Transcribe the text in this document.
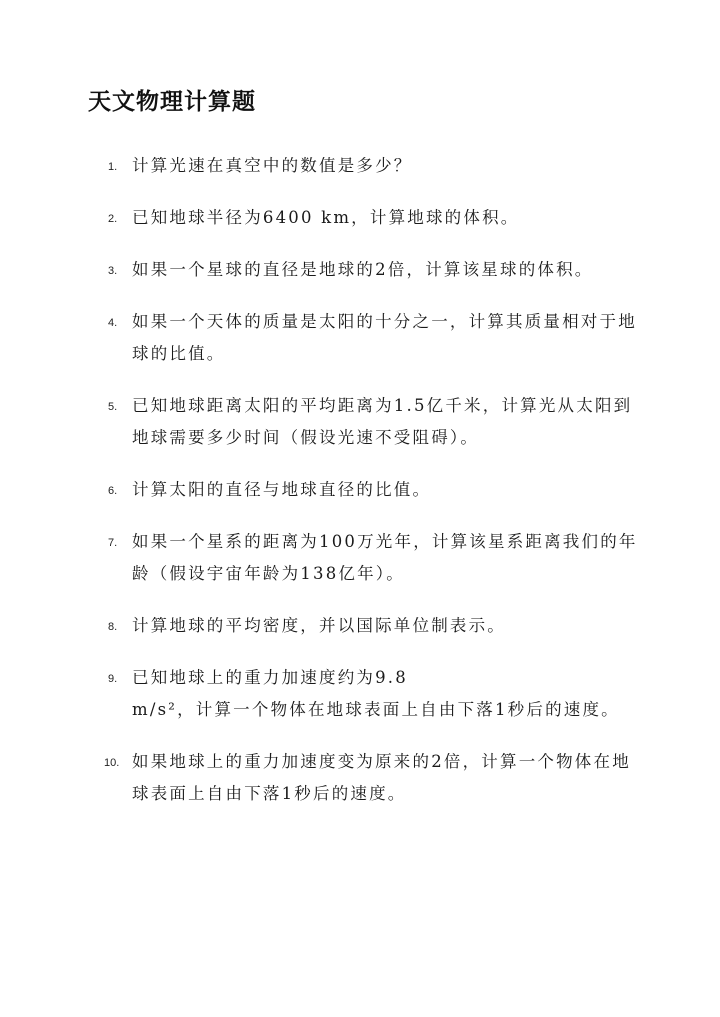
天文物理计算题
1. 计算光速在真空中的数值是多少？
2. 已知地球半径为6400 km，计算地球的体积。
3. 如果一个星球的直径是地球的2倍，计算该星球的体积。
4. 如果一个天体的质量是太阳的十分之一，计算其质量相对于地球的比值。
5. 已知地球距离太阳的平均距离为1.5亿千米，计算光从太阳到地球需要多少时间（假设光速不受阻碍）。
6. 计算太阳的直径与地球直径的比值。
7. 如果一个星系的距离为100万光年，计算该星系距离我们的年龄（假设宇宙年龄为138亿年）。
8. 计算地球的平均密度，并以国际单位制表示。
9. 已知地球上的重力加速度约为9.8
m/s²，计算一个物体在地球表面上自由下落1秒后的速度。
10. 如果地球上的重力加速度变为原来的2倍，计算一个物体在地球表面上自由下落1秒后的速度。
